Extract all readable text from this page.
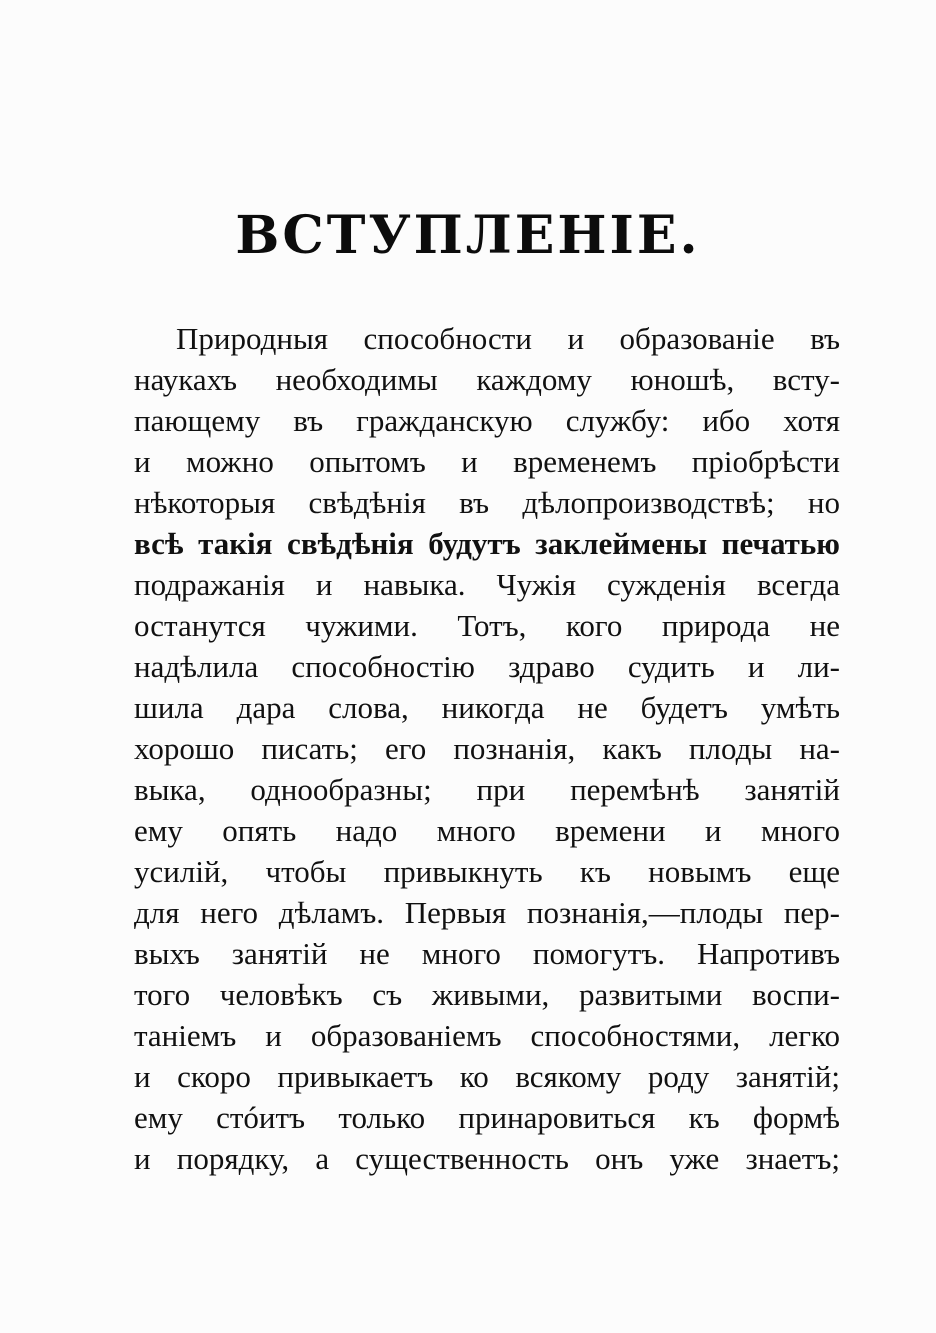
ВСТУПЛЕНІЕ.
Природныя способности и образованіе въ
наукахъ необходимы каждому юношѣ, всту-
пающему въ гражданскую службу: ибо хотя
и можно опытомъ и временемъ пріобрѣсти
нѣкоторыя свѣдѣнія въ дѣлопроизводствѣ; но
всѣ такія свѣдѣнія будутъ заклеймены печатью
подражанія и навыка. Чужія сужденія всегда
останутся чужими. Тотъ, кого природа не
надѣлила способностію здраво судить и ли-
шила дара слова, никогда не будетъ умѣть
хорошо писать; его познанія, какъ плоды на-
выка, однообразны; при перемѣнѣ занятій
ему опять надо много времени и много
усилій, чтобы привыкнуть къ новымъ еще
для него дѣламъ. Первыя познанія,—плоды пер-
выхъ занятій не много помогутъ. Напротивъ
того человѣкъ съ живыми, развитыми воспи-
таніемъ и образованіемъ способностями, легко
и скоро привыкаетъ ко всякому роду занятій;
ему стóитъ только принаровиться къ формѣ
и порядку, а существенность онъ уже знаетъ;
